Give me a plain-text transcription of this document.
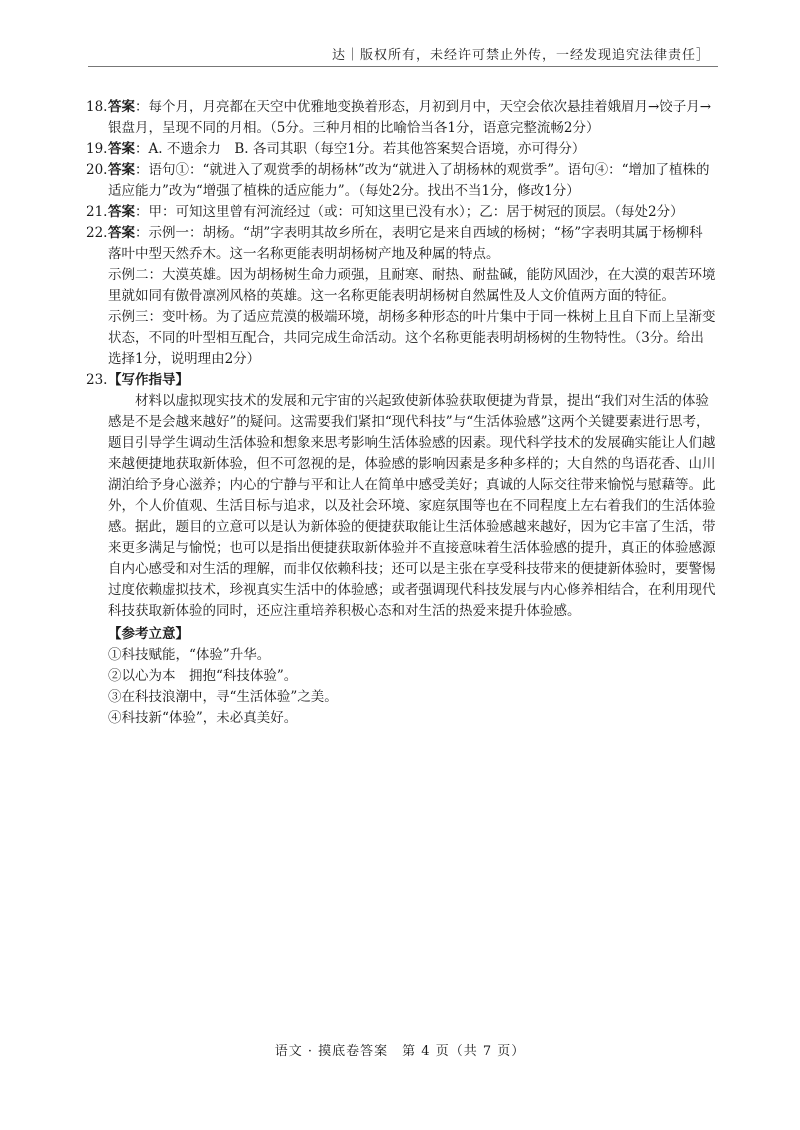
达｜版权所有，未经许可禁止外传，一经发现追究法律责任］
18. 答案：每个月，月亮都在天空中优雅地变换着形态，月初到月中，天空会依次悬挂着娥眉月→饺子月→银盘月，呈现不同的月相。（5分。三种月相的比喻恰当各1分，语意完整流畅2分）
19. 答案：A. 不遗余力　B. 各司其职（每空1分。若其他答案契合语境，亦可得分）
20. 答案：语句①：“就进入了观赏季的胡杨林”改为“就进入了胡杨林的观赏季”。语句④：“增加了植株的适应能力”改为“增强了植株的适应能力”。（每处2分。找出不当1分，修改1分）
21. 答案：甲：可知这里曾有河流经过（或：可知这里已没有水）；乙：居于树冠的顶层。（每处2分）
22. 答案：示例一：胡杨。“胡”字表明其故乡所在，表明它是来自西域的杨树；“杨”字表明其属于杨柳科落叶中型天然乔木。这一名称更能表明胡杨树产地及种属的特点。
示例二：大漠英雄。因为胡杨树生命力顽强，且耐寒、耐热、耐盐碱，能防风固沙，在大漠的艰苦环境里就如同有傲骨凛冽风格的英雄。这一名称更能表明胡杨树自然属性及人文价值两方面的特征。
示例三：变叶杨。为了适应荒漠的极端环境，胡杨多种形态的叶片集中于同一株树上且自下而上呈渐变状态，不同的叶型相互配合，共同完成生命活动。这个名称更能表明胡杨树的生物特性。（3分。给出选择1分，说明理由2分）
23. 【写作指导】
材料以虚拟现实技术的发展和元宇宙的兴起致使新体验获取便捷为背景，提出“我们对生活的体验感是不是会越来越好”的疑问。这需要我们紧扣“现代科技”与“生活体验感”这两个关键要素进行思考，题目引导学生调动生活体验和想象来思考影响生活体验感的因素。现代科学技术的发展确实能让人们越来越便捷地获取新体验，但不可忽视的是，体验感的影响因素是多种多样的；大自然的鸟语花香、山川湖泊给予身心滋养；内心的宁静与平和让人在简单中感受美好；真诚的人际交往带来愉悦与慰藉等。此外，个人价值观、生活目标与追求，以及社会环境、家庭氛围等也在不同程度上左右着我们的生活体验感。据此，题目的立意可以是认为新体验的便捷获取能让生活体验感越来越好，因为它丰富了生活，带来更多满足与愉悦；也可以是指出便捷获取新体验并不直接意味着生活体验感的提升，真正的体验感源自内心感受和对生活的理解，而非仅依赖科技；还可以是主张在享受科技带来的便捷新体验时，要警惕过度依赖虚拟技术，珍视真实生活中的体验感；或者强调现代科技发展与内心修养相结合，在利用现代科技获取新体验的同时，还应注重培养积极心态和对生活的热爱来提升体验感。
【参考立意】
①科技赋能，“体验”升华。
②以心为本　拥抱“科技体验”。
③在科技浪潮中，寻“生活体验”之美。
④科技新“体验”，未必真美好。
语文 · 摸底卷答案　第 4 页（共 7 页）
